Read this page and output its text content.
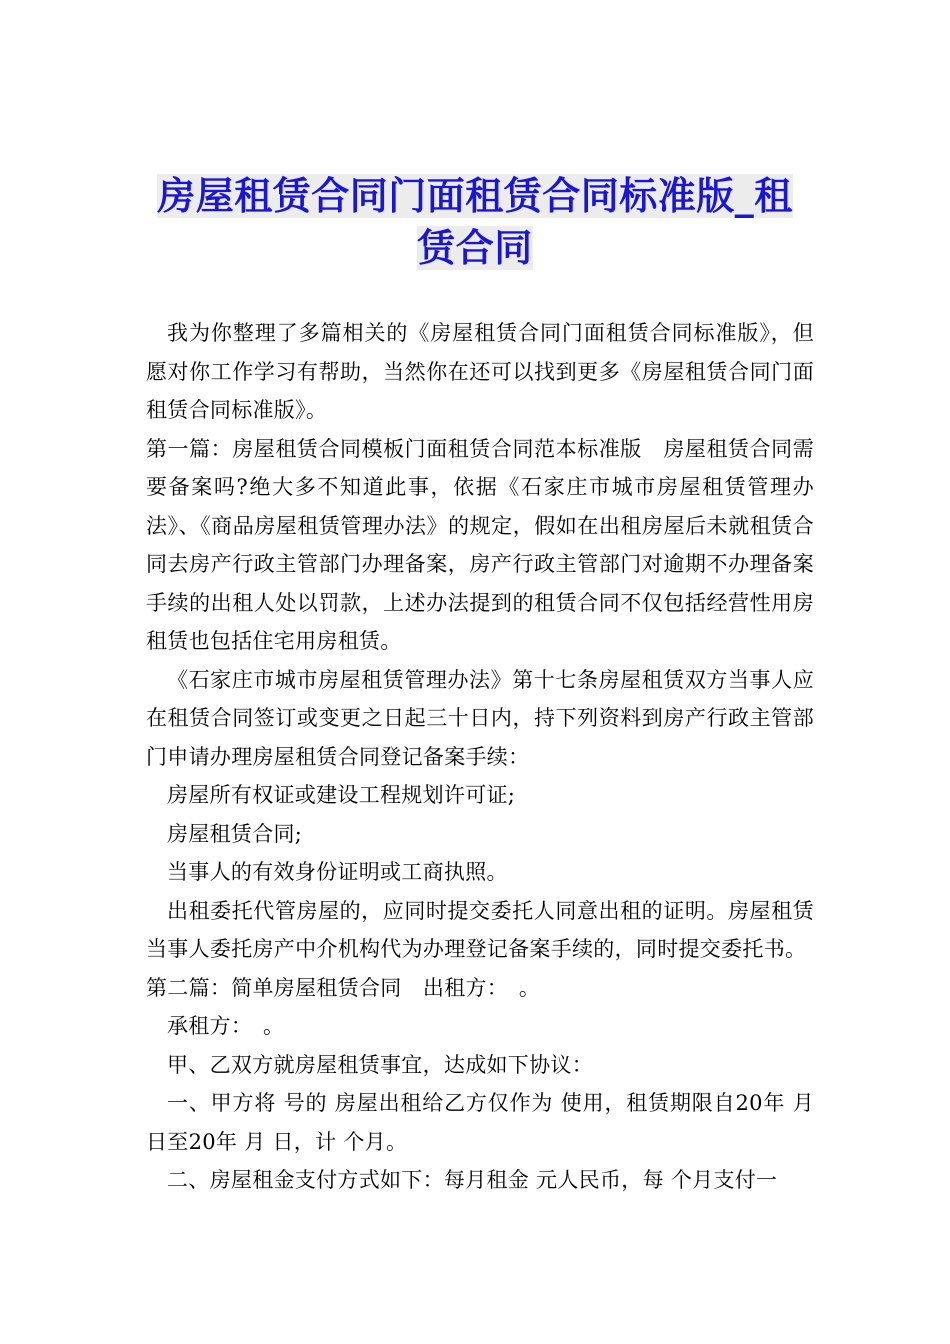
房屋租赁合同门面租赁合同标准版_租
赁合同

我为你整理了多篇相关的《房屋租赁合同门面租赁合同标准版》，但愿对你工作学习有帮助，当然你在还可以找到更多《房屋租赁合同门面租赁合同标准版》。

第一篇：房屋租赁合同模板门面租赁合同范本标准版　房屋租赁合同需要备案吗?绝大多不知道此事，依据《石家庄市城市房屋租赁管理办法》、《商品房屋租赁管理办法》的规定，假如在出租房屋后未就租赁合同去房产行政主管部门办理备案，房产行政主管部门对逾期不办理备案手续的出租人处以罚款，上述办法提到的租赁合同不仅包括经营性用房租赁也包括住宅用房租赁。

《石家庄市城市房屋租赁管理办法》第十七条房屋租赁双方当事人应在租赁合同签订或变更之日起三十日内，持下列资料到房产行政主管部门申请办理房屋租赁合同登记备案手续：

房屋所有权证或建设工程规划许可证;

房屋租赁合同;

当事人的有效身份证明或工商执照。

出租委托代管房屋的，应同时提交委托人同意出租的证明。房屋租赁当事人委托房产中介机构代为办理登记备案手续的，同时提交委托书。

第二篇：简单房屋租赁合同　出租方：　。

承租方：　。

甲、乙双方就房屋租赁事宜，达成如下协议：

一、甲方将 号的 房屋出租给乙方仅作为 使用，租赁期限自20年 月 日至20年 月 日，计 个月。

二、房屋租金支付方式如下：每月租金 元人民币，每 个月支付一
